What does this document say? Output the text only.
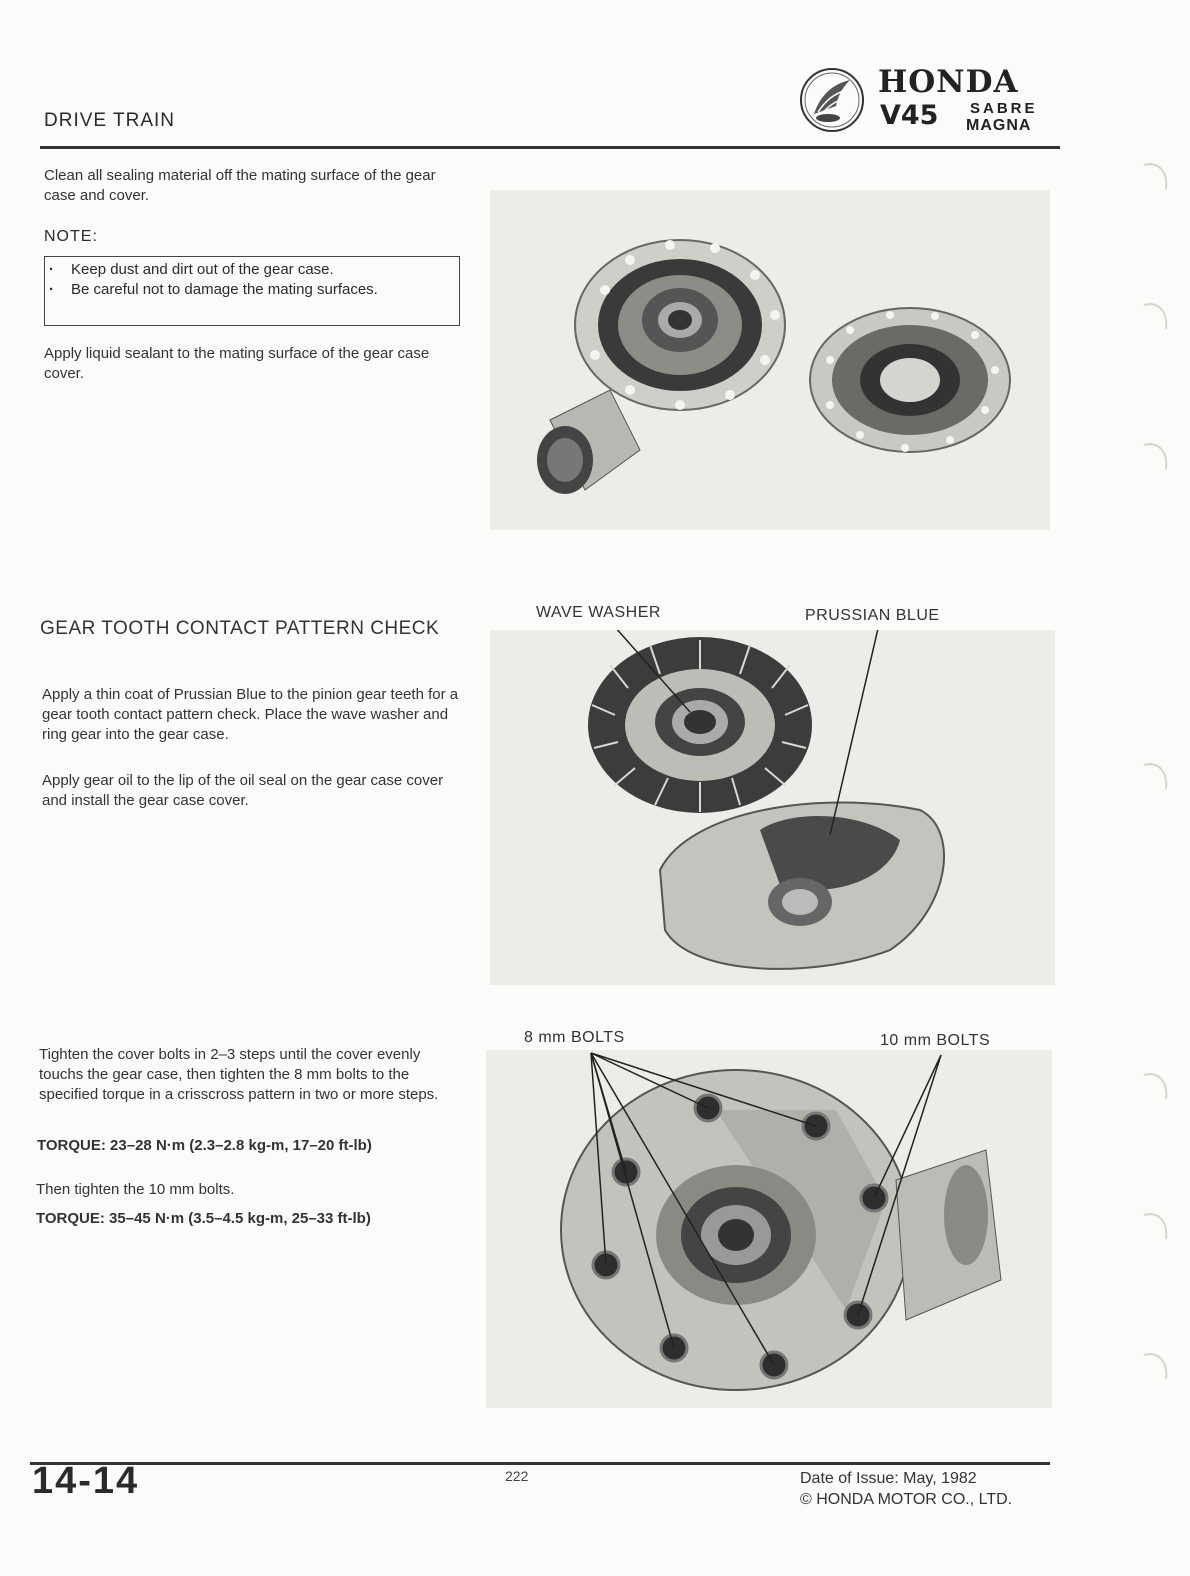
DRIVE TRAIN
HONDA
V45 SABRE
MAGNA
Clean all sealing material off the mating surface of the gear case and cover.
NOTE:
· Keep dust and dirt out of the gear case.
· Be careful not to damage the mating surfaces.
Apply liquid sealant to the mating surface of the gear case cover.
GEAR TOOTH CONTACT PATTERN CHECK
Apply a thin coat of Prussian Blue to the pinion gear teeth for a gear tooth contact pattern check. Place the wave washer and ring gear into the gear case.
Apply gear oil to the lip of the oil seal on the gear case cover and install the gear case cover.
WAVE WASHER	PRUSSIAN BLUE
Tighten the cover bolts in 2–3 steps until the cover evenly touchs the gear case, then tighten the 8 mm bolts to the specified torque in a crisscross pattern in two or more steps.
TORQUE: 23–28 N·m (2.3–2.8 kg-m, 17–20 ft-lb)
Then tighten the 10 mm bolts.
TORQUE: 35–45 N·m (3.5–4.5 kg-m, 25–33 ft-lb)
8 mm BOLTS	10 mm BOLTS
14-14	222	Date of Issue: May, 1982
© HONDA MOTOR CO., LTD.
